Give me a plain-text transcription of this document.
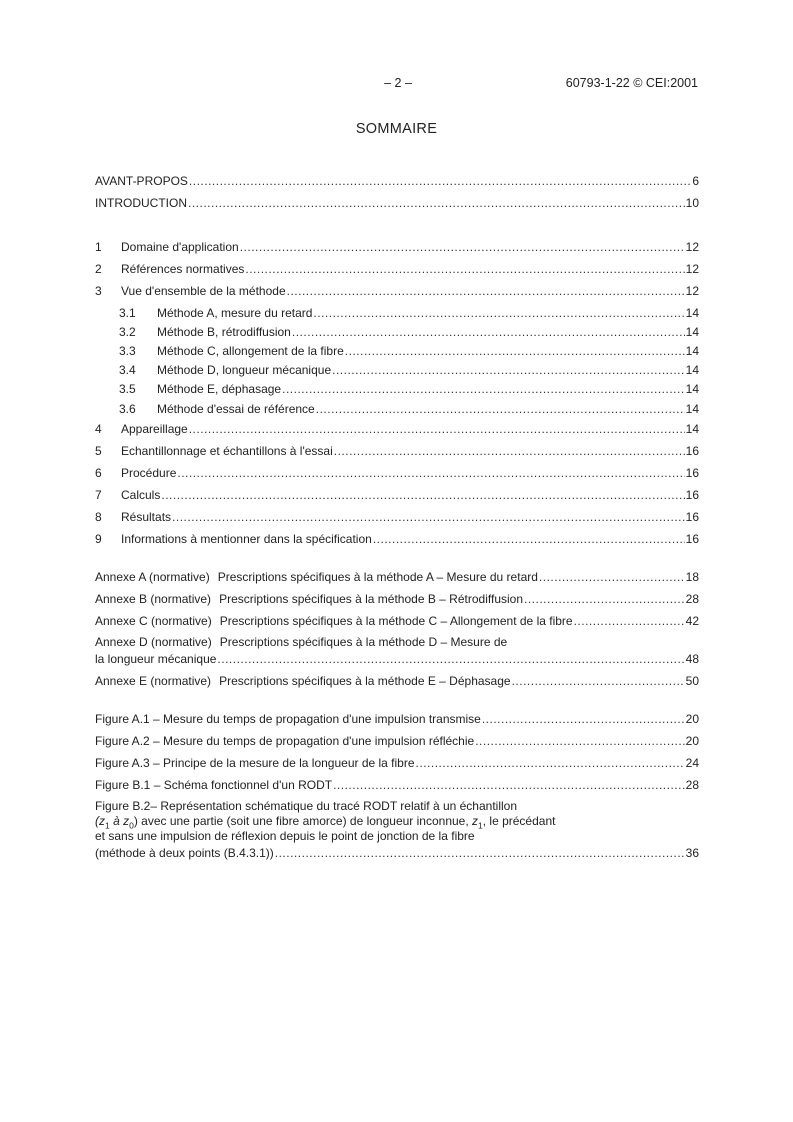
– 2 –	60793-1-22 © CEI:2001
SOMMAIRE
AVANT-PROPOS .....	6
INTRODUCTION .....	10
1	Domaine d'application .....	12
2	Références normatives .....	12
3	Vue d'ensemble de la méthode .....	12
3.1	Méthode A, mesure du retard .....	14
3.2	Méthode B, rétrodiffusion .....	14
3.3	Méthode C, allongement de la fibre .....	14
3.4	Méthode D, longueur mécanique .....	14
3.5	Méthode E, déphasage .....	14
3.6	Méthode d'essai de référence .....	14
4	Appareillage .....	14
5	Echantillonnage et échantillons à l'essai .....	16
6	Procédure .....	16
7	Calculs .....	16
8	Résultats .....	16
9	Informations à mentionner dans la spécification .....	16
Annexe A (normative) Prescriptions spécifiques à la méthode A – Mesure du retard .....	18
Annexe B (normative) Prescriptions spécifiques à la méthode B – Rétrodiffusion .....	28
Annexe C (normative) Prescriptions spécifiques à la méthode C – Allongement de la fibre .....	42
Annexe D (normative) Prescriptions spécifiques à la méthode D – Mesure de
la longueur mécanique .....	48
Annexe E (normative) Prescriptions spécifiques à la méthode E – Déphasage .....	50
Figure A.1 – Mesure du temps de propagation d'une impulsion transmise .....	20
Figure A.2 – Mesure du temps de propagation d'une impulsion réfléchie .....	20
Figure A.3 – Principe de la mesure de la longueur de la fibre .....	24
Figure B.1 – Schéma fonctionnel d'un RODT .....	28
Figure B.2– Représentation schématique du tracé RODT relatif à un échantillon
($z_1$ à $z_0$) avec une partie (soit une fibre amorce) de longueur inconnue, $z_1$, le précédant
et sans une impulsion de réflexion depuis le point de jonction de la fibre
(méthode à deux points (B.4.3.1)) .....	36
